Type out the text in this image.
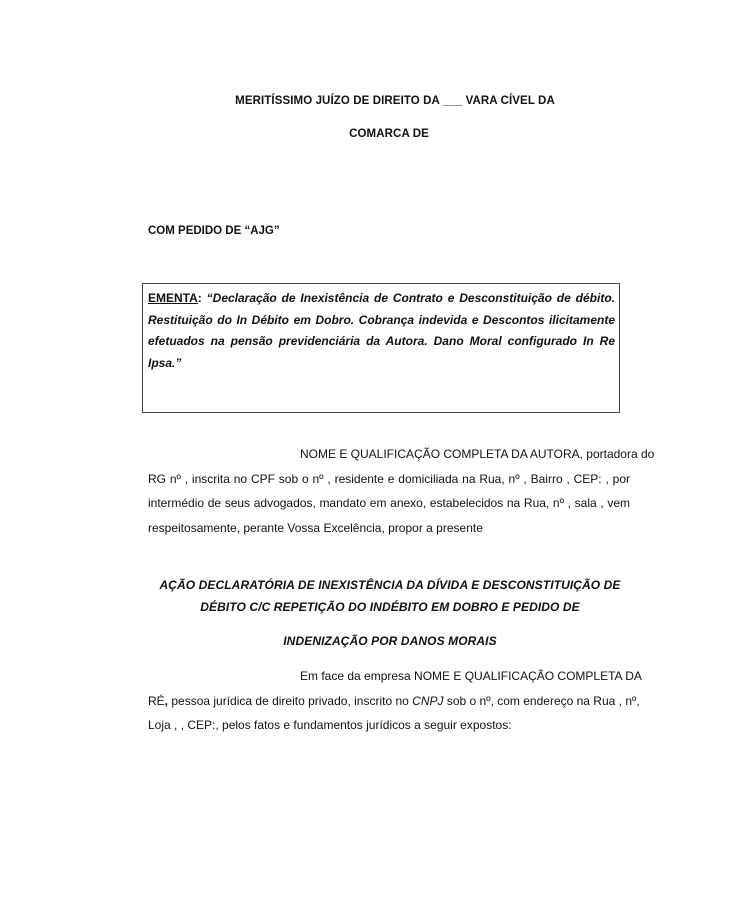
MERITÍSSIMO JUÍZO DE DIREITO DA ___ VARA CÍVEL DA
COMARCA DE
COM PEDIDO DE “AJG”
EMENTA: “Declaração de Inexistência de Contrato e Desconstituição de débito. Restituição do In Débito em Dobro. Cobrança indevida e Descontos ilicitamente efetuados na pensão previdenciária da Autora. Dano Moral configurado In Re Ipsa.”
NOME E QUALIFICAÇÃO COMPLETA DA AUTORA, portadora do
RG nº , inscrita no CPF sob o nº , residente e domiciliada na Rua, nº , Bairro , CEP: , por
intermédio de seus advogados, mandato em anexo, estabelecidos na Rua, nº , sala , vem
respeitosamente, perante Vossa Excelência, propor a presente
AÇÃO DECLARATÓRIA DE INEXISTÊNCIA DA DÍVIDA E DESCONSTITUIÇÃO DE
DÉBITO C/C REPETIÇÃO DO INDÉBITO EM DOBRO E PEDIDO DE
INDENIZAÇÃO POR DANOS MORAIS
Em face da empresa NOME E QUALIFICAÇÃO COMPLETA DA
RÉ, pessoa jurídica de direito privado, inscrito no CNPJ sob o nº, com endereço na Rua , nº,
Loja , , CEP:, pelos fatos e fundamentos jurídicos a seguir expostos:
